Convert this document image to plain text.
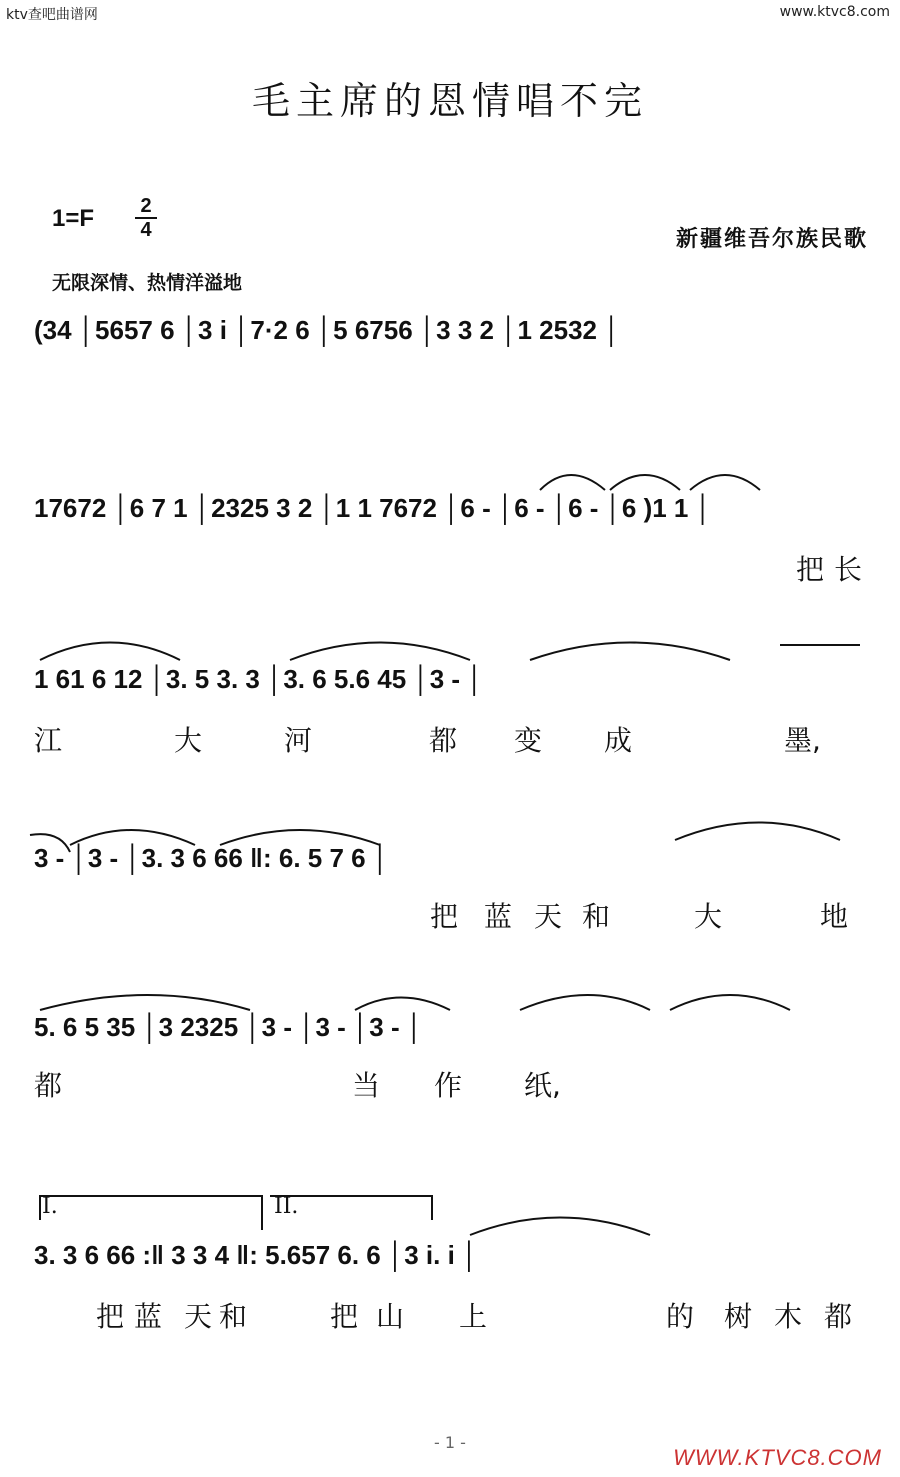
ktv查吧曲谱网	www.ktvc8.com
毛主席的恩情唱不完
1=F 2
4	新疆维吾尔族民歌
无限深情、热情洋溢地
(34 │5657 6 │3 i │7·2 6 │5 6756 │3 3 2 │1 2532 │
17672 │6 7 1 │2325 3 2 │1 1 7672 │6 - │6 - │6 - │6 )1 1 │
把 长
1 61 6 12 │3. 5 3. 3 │3. 6 5.6 45 │3 - │
江	大	河	都 变 成	墨,
3 - │3 - │3. 3 6 66 ‖: 6. 5 7 6 │
把 蓝 天 和	大	地
5. 6 5 35 │3 2325 │3 - │3 - │3 - │
都	当 作 纸,
I.	II.
3. 3 6 66 :‖ 3 3 4 ‖: 5.657 6. 6 │3 i. i │
把 蓝 天 和	把 山 上	的 树 木 都
- 1 -
WWW.KTVC8.COM
